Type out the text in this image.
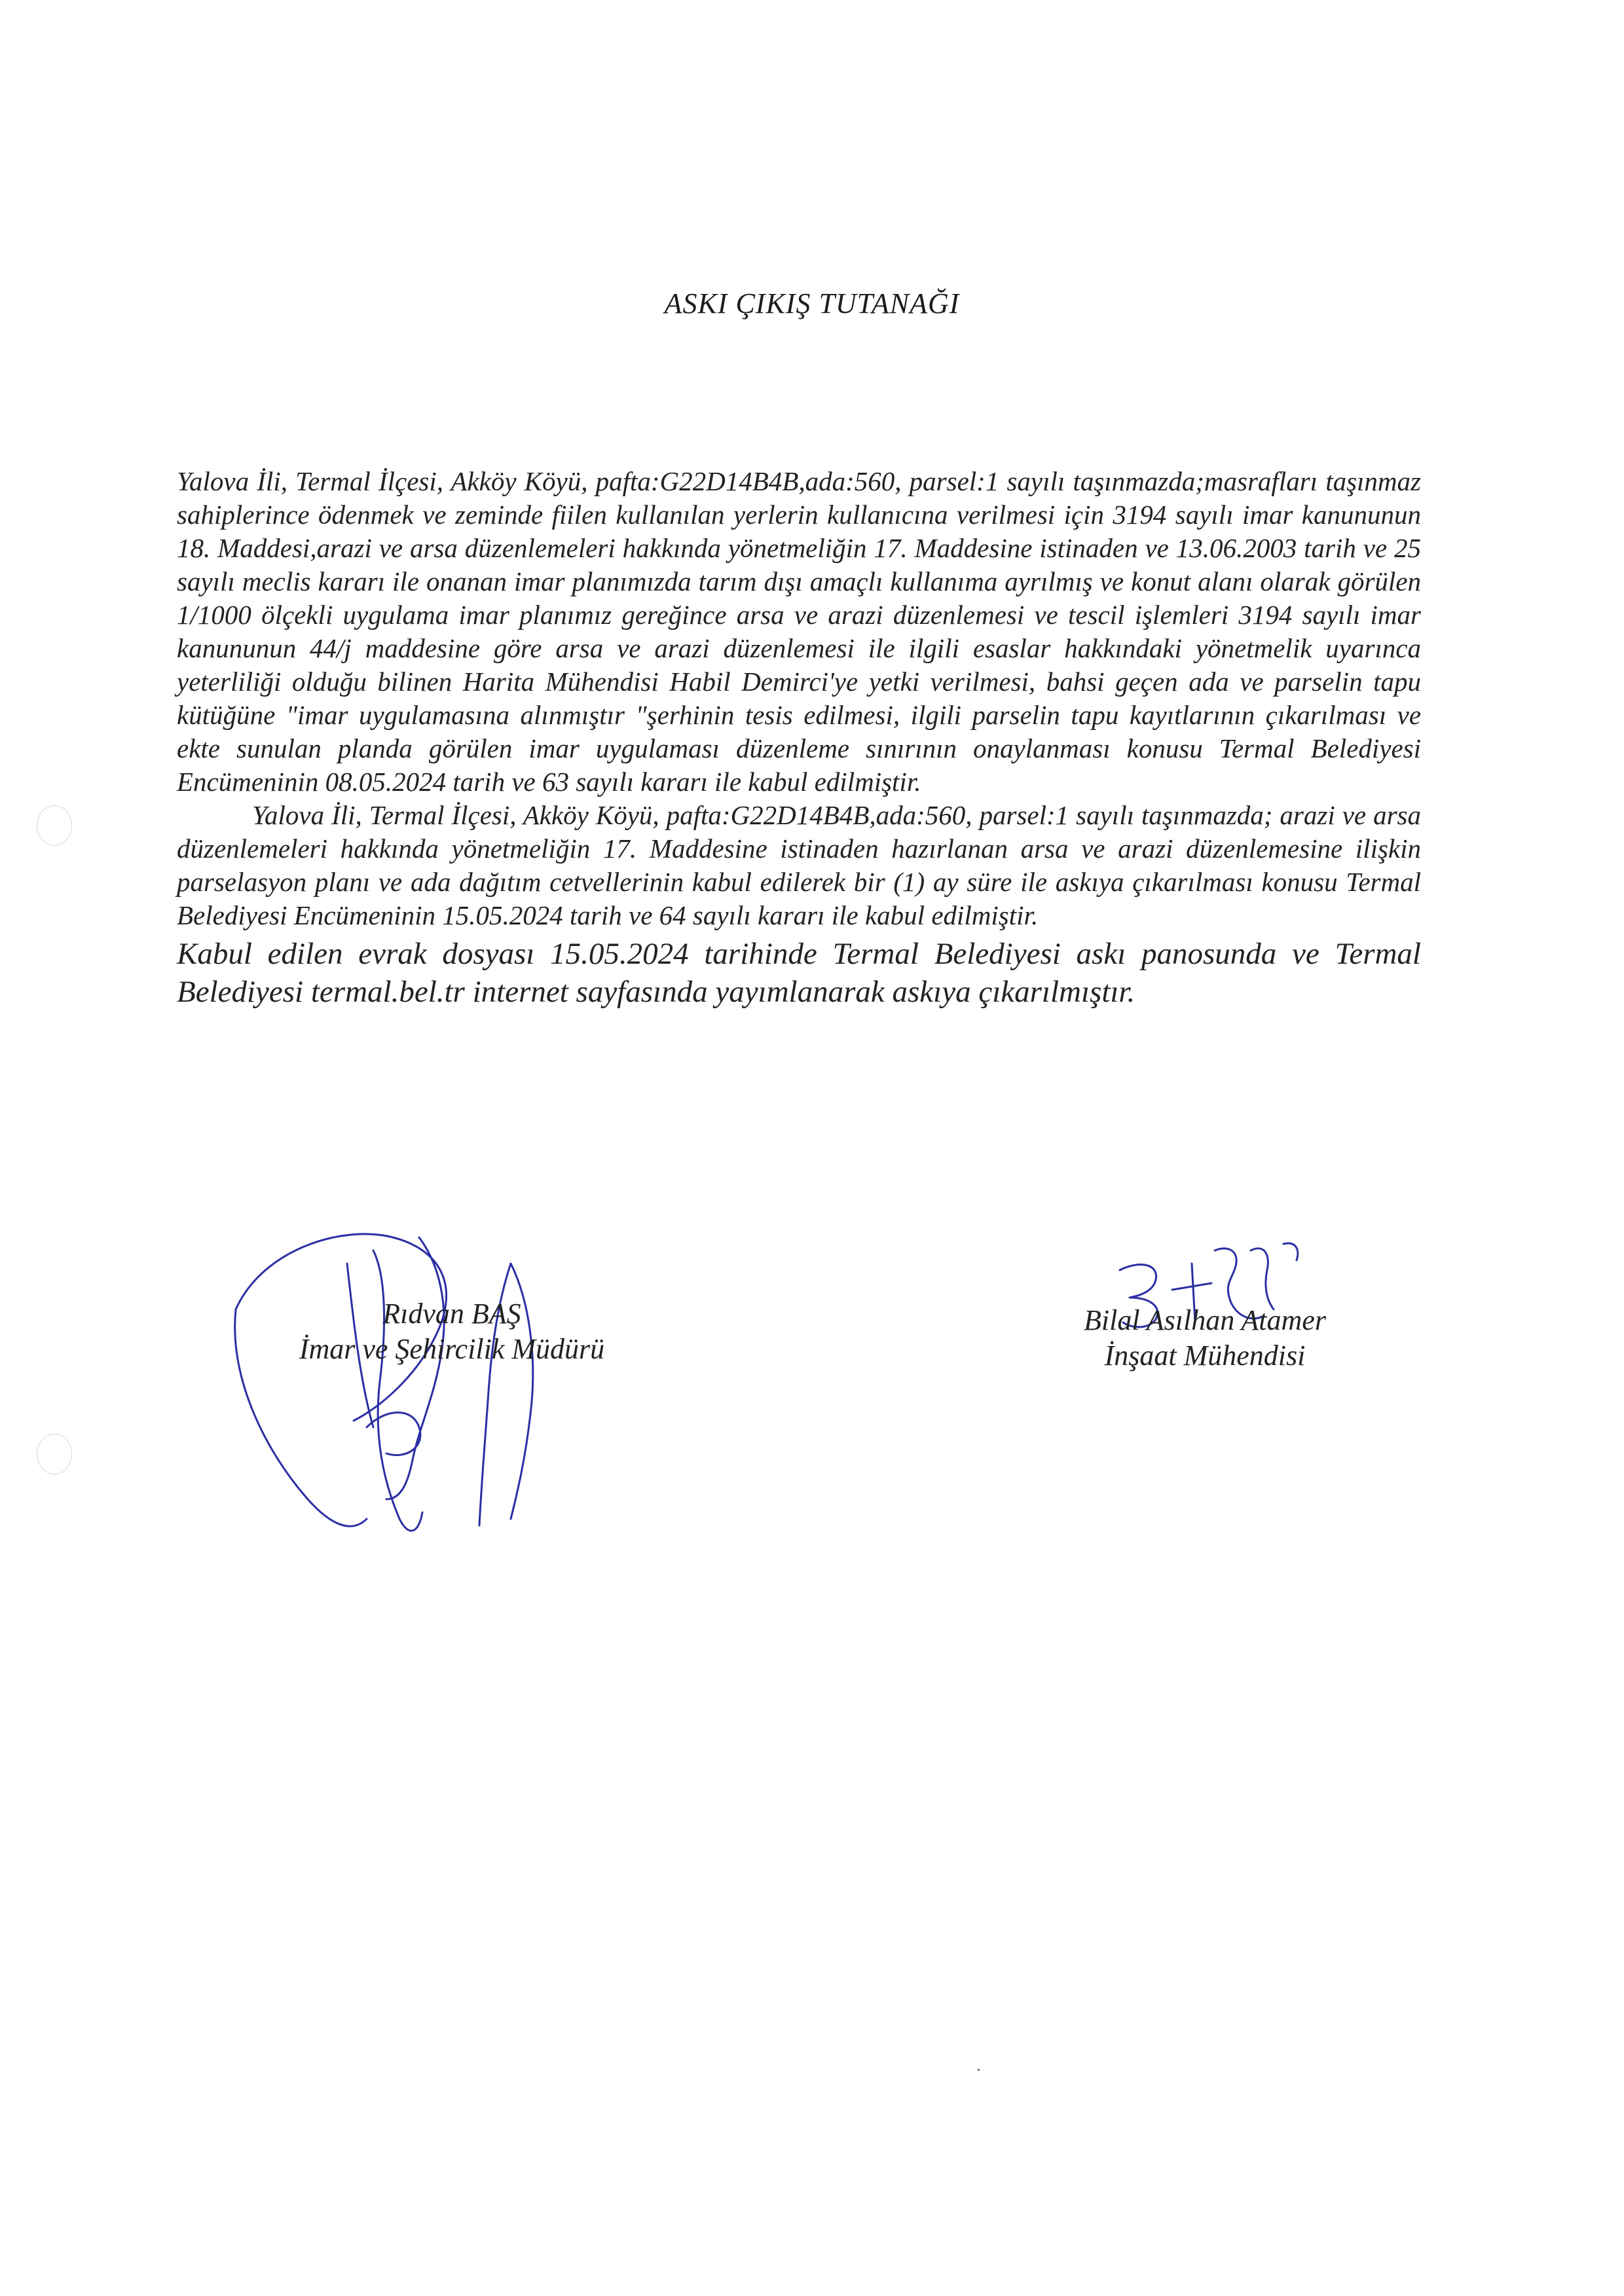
ASKI ÇIKIŞ TUTANAĞI

Yalova İli, Termal İlçesi, Akköy Köyü, pafta:G22D14B4B,ada:560, parsel:1 sayılı taşınmazda;masrafları taşınmaz sahiplerince ödenmek ve zeminde fiilen kullanılan yerlerin kullanıcına verilmesi için 3194 sayılı imar kanununun 18. Maddesi,arazi ve arsa düzenlemeleri hakkında yönetmeliğin 17. Maddesine istinaden ve 13.06.2003 tarih ve 25 sayılı meclis kararı ile onanan imar planımızda tarım dışı amaçlı kullanıma ayrılmış ve konut alanı olarak görülen 1/1000 ölçekli uygulama imar planımız gereğince arsa ve arazi düzenlemesi ve tescil işlemleri 3194 sayılı imar kanununun 44/j maddesine göre arsa ve arazi düzenlemesi ile ilgili esaslar hakkındaki yönetmelik uyarınca yeterliliği olduğu bilinen Harita Mühendisi Habil Demirci'ye yetki verilmesi, bahsi geçen ada ve parselin tapu kütüğüne "imar uygulamasına alınmıştır "şerhinin tesis edilmesi, ilgili parselin tapu kayıtlarının çıkarılması ve ekte sunulan planda görülen imar uygulaması düzenleme sınırının onaylanması konusu Termal Belediyesi Encümeninin 08.05.2024 tarih ve 63 sayılı kararı ile kabul edilmiştir.

Yalova İli, Termal İlçesi, Akköy Köyü, pafta:G22D14B4B,ada:560, parsel:1 sayılı taşınmazda; arazi ve arsa düzenlemeleri hakkında yönetmeliğin 17. Maddesine istinaden hazırlanan arsa ve arazi düzenlemesine ilişkin parselasyon planı ve ada dağıtım cetvellerinin kabul edilerek bir (1) ay süre ile askıya çıkarılması konusu Termal Belediyesi Encümeninin 15.05.2024 tarih ve 64 sayılı kararı ile kabul edilmiştir.

Kabul edilen evrak dosyası 15.05.2024 tarihinde Termal Belediyesi askı panosunda ve Termal Belediyesi termal.bel.tr internet sayfasında yayımlanarak askıya çıkarılmıştır.

Rıdvan BAŞ
İmar ve Şehircilik Müdürü
Bilal Asılhan Atamer
İnşaat Mühendisi
